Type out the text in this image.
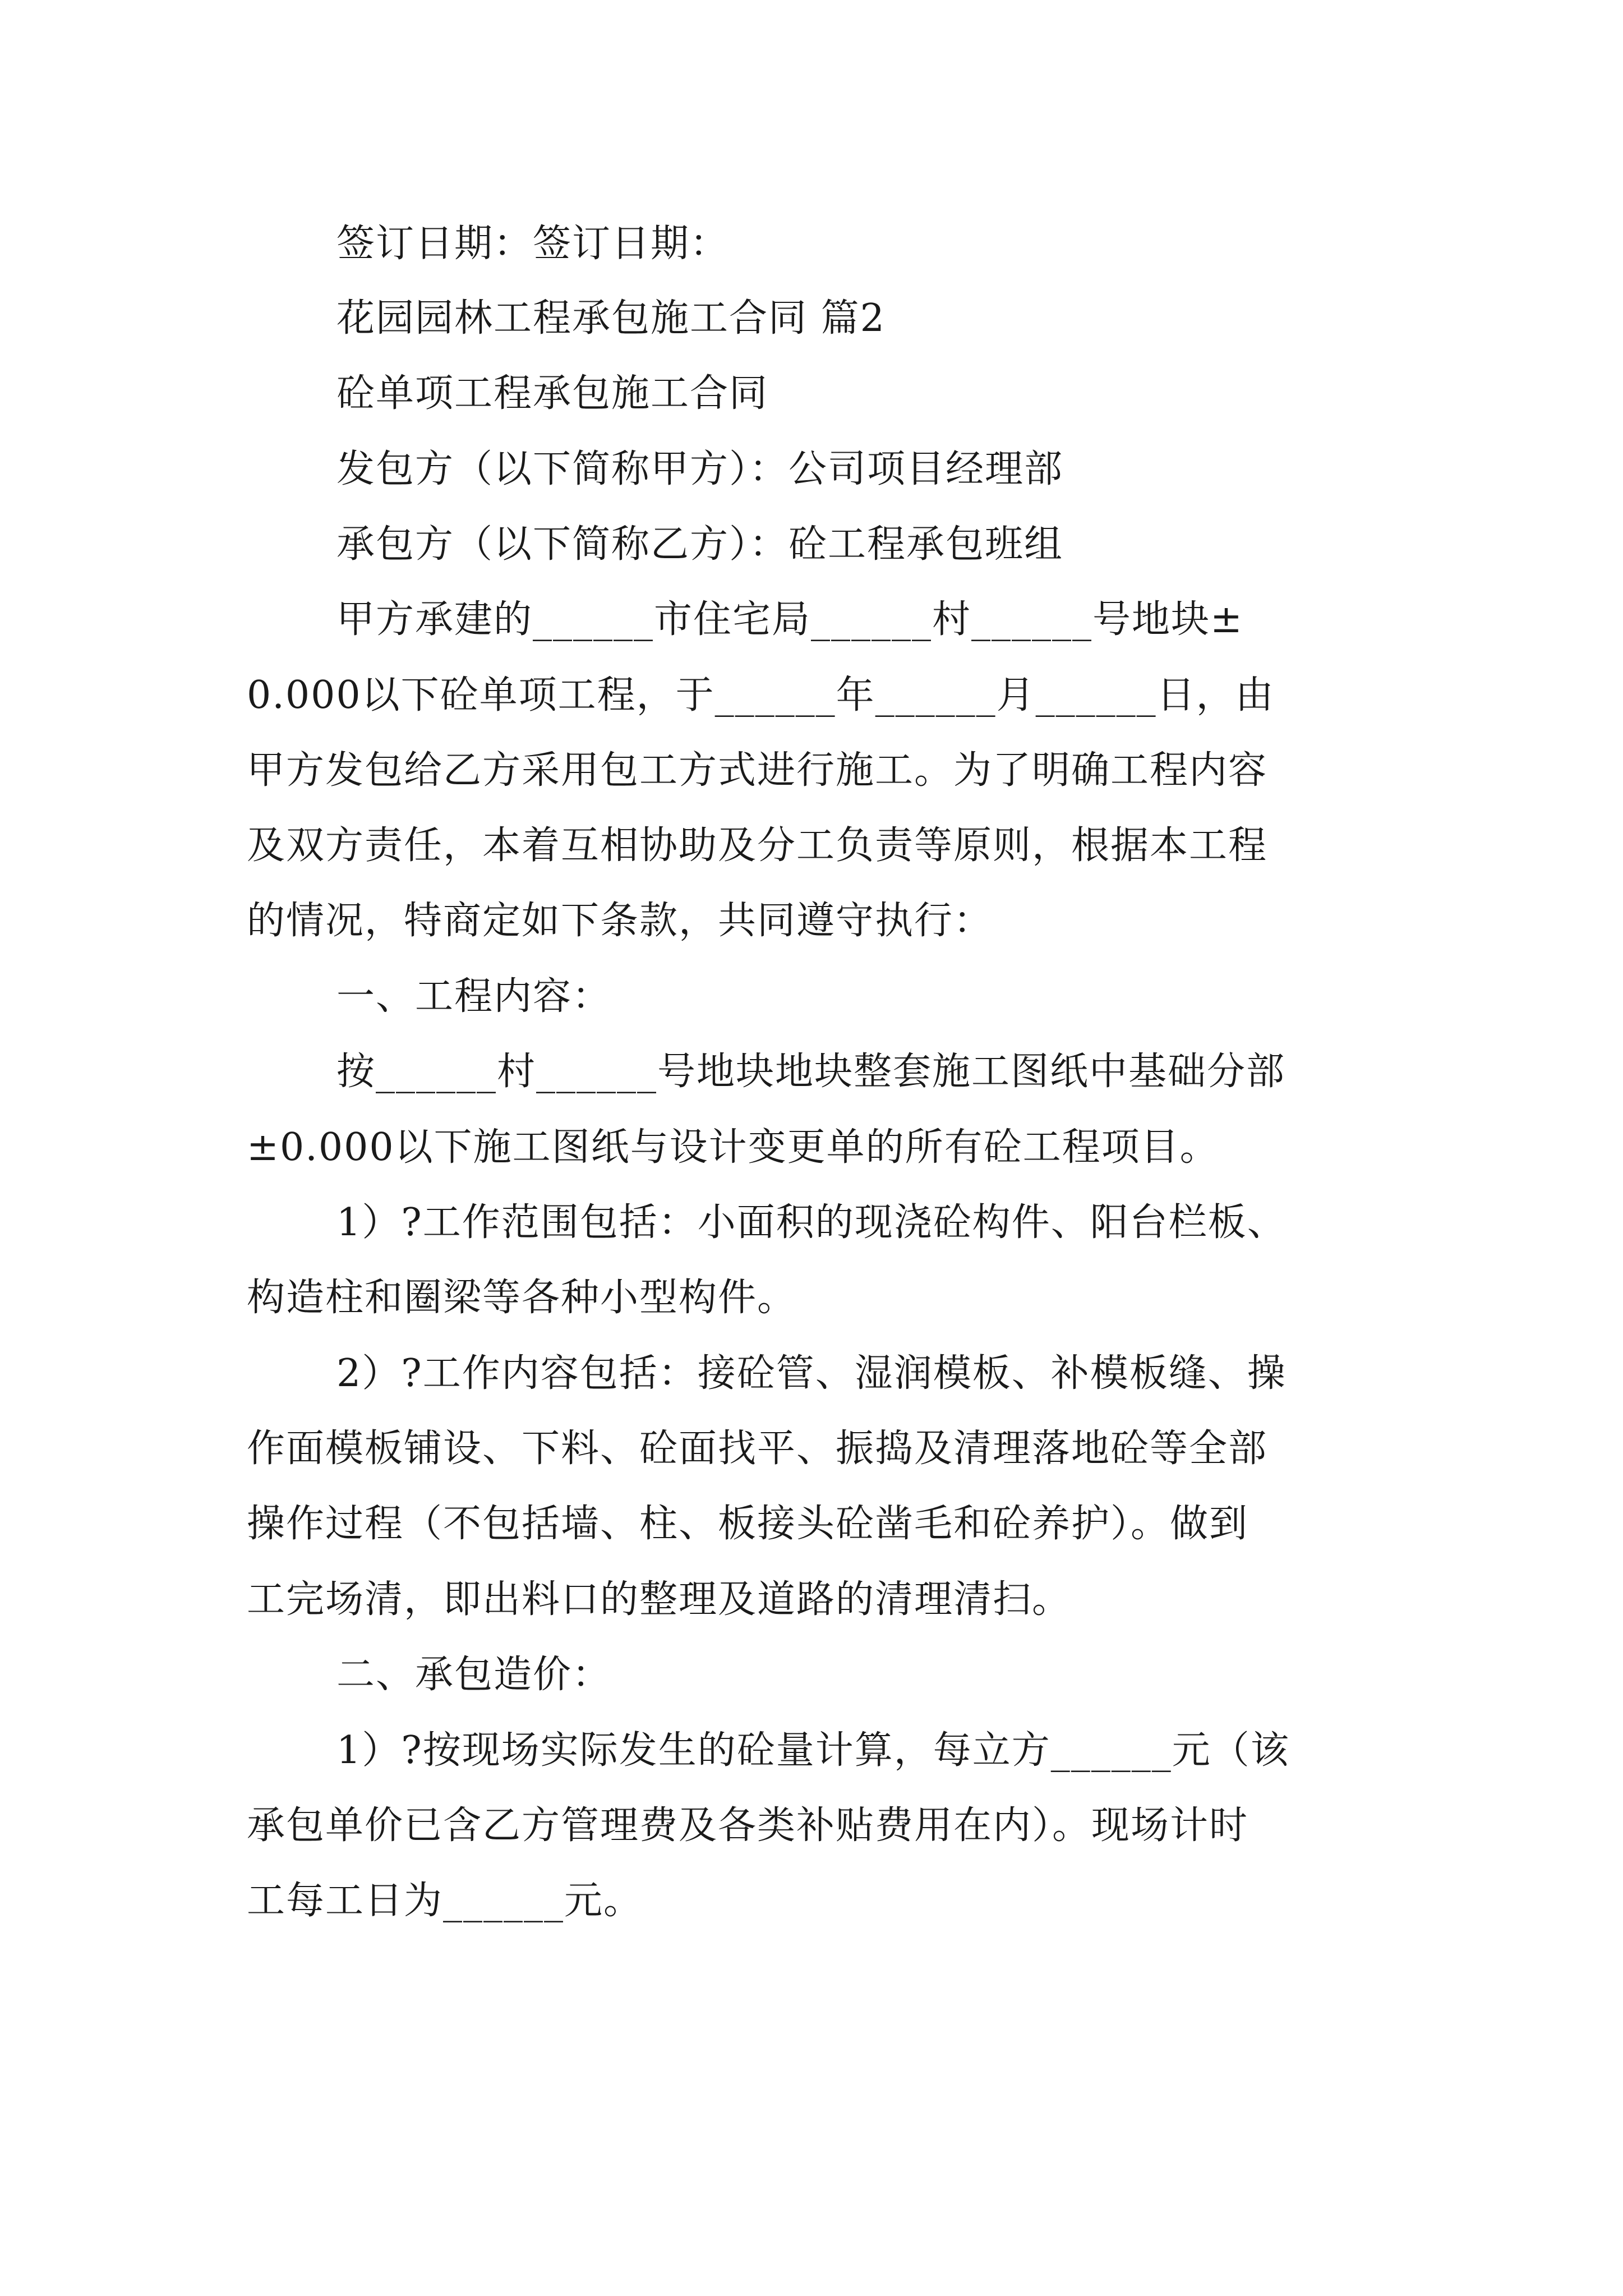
签订日期：签订日期：
花园园林工程承包施工合同 篇2
砼单项工程承包施工合同
发包方（以下简称甲方）：公司项目经理部
承包方（以下简称乙方）：砼工程承包班组
甲方承建的______市住宅局______村______号地块±
0.000以下砼单项工程，于______年______月______日，由
甲方发包给乙方采用包工方式进行施工。为了明确工程内容
及双方责任，本着互相协助及分工负责等原则，根据本工程
的情况，特商定如下条款，共同遵守执行：
一、工程内容：
按______村______号地块地块整套施工图纸中基础分部
±0.000以下施工图纸与设计变更单的所有砼工程项目。
1）?工作范围包括：小面积的现浇砼构件、阳台栏板、
构造柱和圈梁等各种小型构件。
2）?工作内容包括：接砼管、湿润模板、补模板缝、操
作面模板铺设、下料、砼面找平、振捣及清理落地砼等全部
操作过程（不包括墙、柱、板接头砼凿毛和砼养护）。做到
工完场清，即出料口的整理及道路的清理清扫。
二、承包造价：
1）?按现场实际发生的砼量计算，每立方______元（该
承包单价已含乙方管理费及各类补贴费用在内）。现场计时
工每工日为______元。
